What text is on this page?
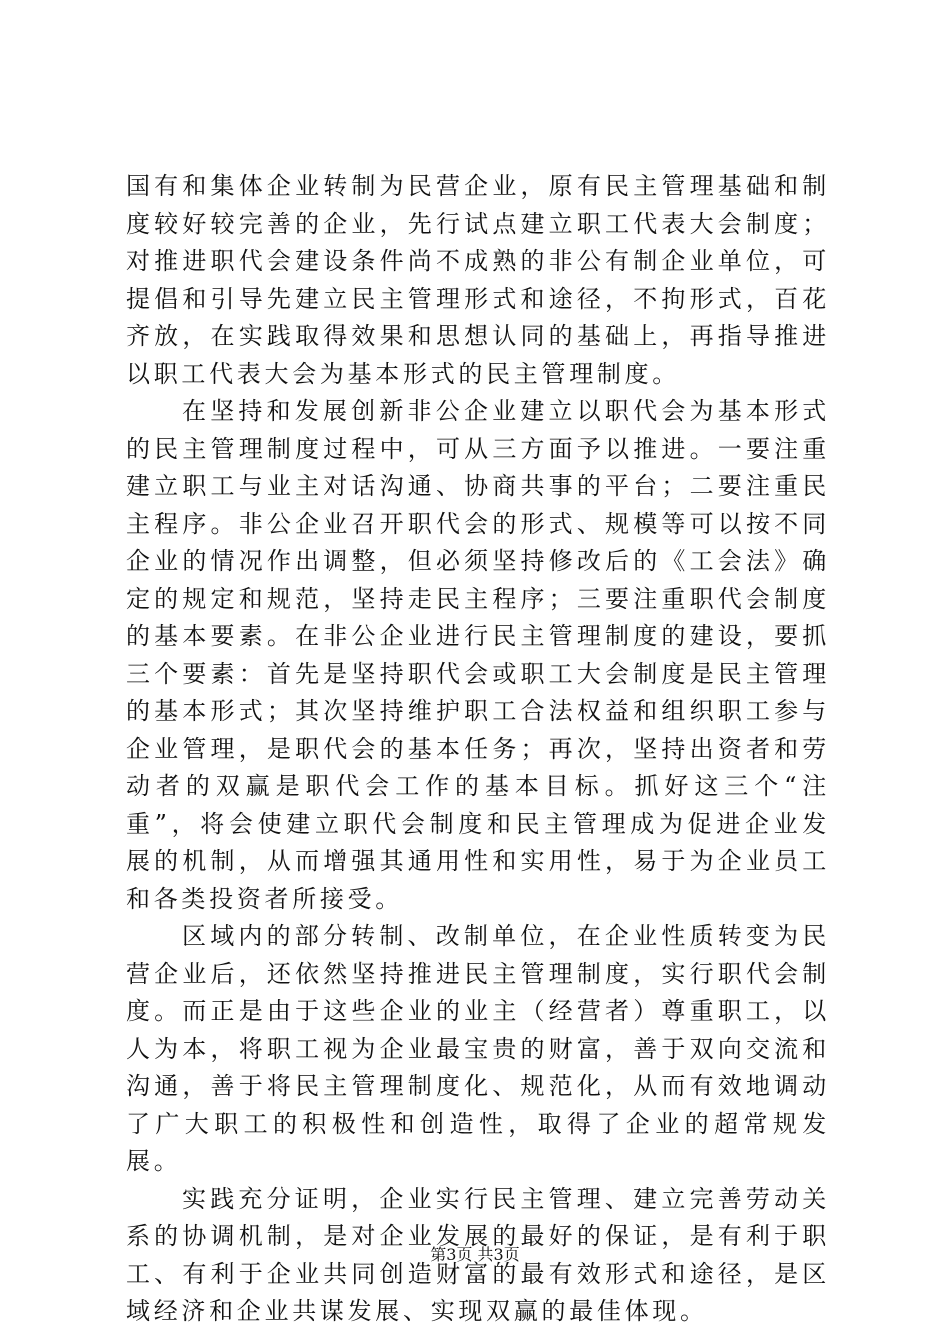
国有和集体企业转制为民营企业，原有民主管理基础和制度较好较完善的企业，先行试点建立职工代表大会制度；对推进职代会建设条件尚不成熟的非公有制企业单位，可提倡和引导先建立民主管理形式和途径，不拘形式，百花齐放，在实践取得效果和思想认同的基础上，再指导推进以职工代表大会为基本形式的民主管理制度。

在坚持和发展创新非公企业建立以职代会为基本形式的民主管理制度过程中，可从三方面予以推进。一要注重建立职工与业主对话沟通、协商共事的平台；二要注重民主程序。非公企业召开职代会的形式、规模等可以按不同企业的情况作出调整，但必须坚持修改后的《工会法》确定的规定和规范，坚持走民主程序；三要注重职代会制度的基本要素。在非公企业进行民主管理制度的建设，要抓三个要素：首先是坚持职代会或职工大会制度是民主管理的基本形式；其次坚持维护职工合法权益和组织职工参与企业管理，是职代会的基本任务；再次，坚持出资者和劳动者的双赢是职代会工作的基本目标。抓好这三个“注重”，将会使建立职代会制度和民主管理成为促进企业发展的机制，从而增强其通用性和实用性，易于为企业员工和各类投资者所接受。

区域内的部分转制、改制单位，在企业性质转变为民营企业后，还依然坚持推进民主管理制度，实行职代会制度。而正是由于这些企业的业主（经营者）尊重职工，以人为本，将职工视为企业最宝贵的财富，善于双向交流和沟通，善于将民主管理制度化、规范化，从而有效地调动了广大职工的积极性和创造性，取得了企业的超常规发展。

实践充分证明，企业实行民主管理、建立完善劳动关系的协调机制，是对企业发展的最好的保证，是有利于职工、有利于企业共同创造财富的最有效形式和途径，是区域经济和企业共谋发展、实现双赢的最佳体现。

第3页 共3页
